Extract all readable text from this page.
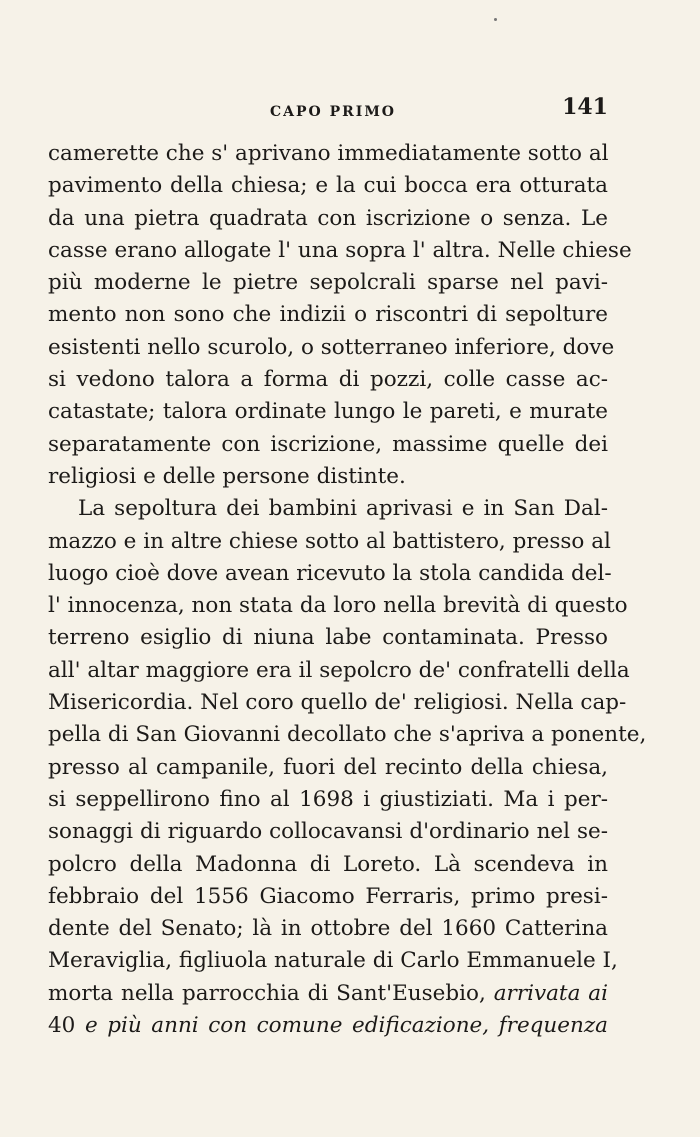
CAPO PRIMO	141
camerette che s' aprivano immediatamente sotto al
pavimento della chiesa; e la cui bocca era otturata
da una pietra quadrata con iscrizione o senza. Le
casse erano allogate l' una sopra l' altra. Nelle chiese
più moderne le pietre sepolcrali sparse nel pavi-
mento non sono che indizii o riscontri di sepolture
esistenti nello scurolo, o sotterraneo inferiore, dove
si vedono talora a forma di pozzi, colle casse ac-
catastate; talora ordinate lungo le pareti, e murate
separatamente con iscrizione, massime quelle dei
religiosi e delle persone distinte.
La sepoltura dei bambini aprivasi e in San Dal-
mazzo e in altre chiese sotto al battistero, presso al
luogo cioè dove avean ricevuto la stola candida del-
l' innocenza, non stata da loro nella brevità di questo
terreno esiglio di niuna labe contaminata. Presso
all' altar maggiore era il sepolcro de' confratelli della
Misericordia. Nel coro quello de' religiosi. Nella cap-
pella di San Giovanni decollato che s'apriva a ponente,
presso al campanile, fuori del recinto della chiesa,
si seppellirono fino al 1698 i giustiziati. Ma i per-
sonaggi di riguardo collocavansi d'ordinario nel se-
polcro della Madonna di Loreto. Là scendeva in
febbraio del 1556 Giacomo Ferraris, primo presi-
dente del Senato; là in ottobre del 1660 Catterina
Meraviglia, figliuola naturale di Carlo Emmanuele I,
morta nella parrocchia di Sant'Eusebio, arrivata ai
40 e più anni con comune edificazione, frequenza
